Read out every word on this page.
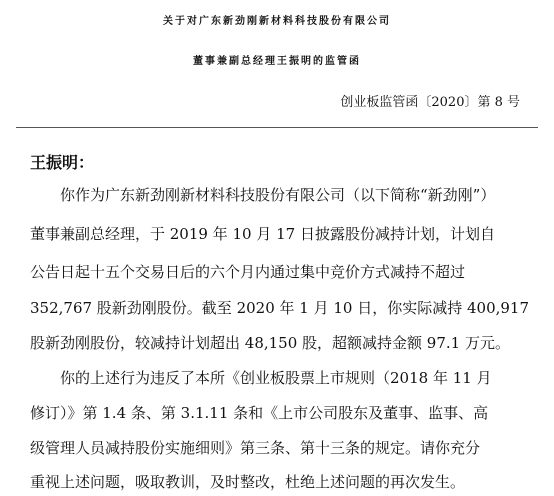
关于对广东新劲刚新材料科技股份有限公司
董事兼副总经理王振明的监管函
创业板监管函〔2020〕第 8 号
王振明：
你作为广东新劲刚新材料科技股份有限公司（以下简称“新劲刚”）
董事兼副总经理，于 2019 年 10 月 17 日披露股份减持计划，计划自
公告日起十五个交易日后的六个月内通过集中竞价方式减持不超过
352,767 股新劲刚股份。截至 2020 年 1 月 10 日，你实际减持 400,917
股新劲刚股份，较减持计划超出 48,150 股，超额减持金额 97.1 万元。
你的上述行为违反了本所《创业板股票上市规则（2018 年 11 月
修订）》第 1.4 条、第 3.1.11 条和《上市公司股东及董事、监事、高
级管理人员减持股份实施细则》第三条、第十三条的规定。请你充分
重视上述问题，吸取教训，及时整改，杜绝上述问题的再次发生。
